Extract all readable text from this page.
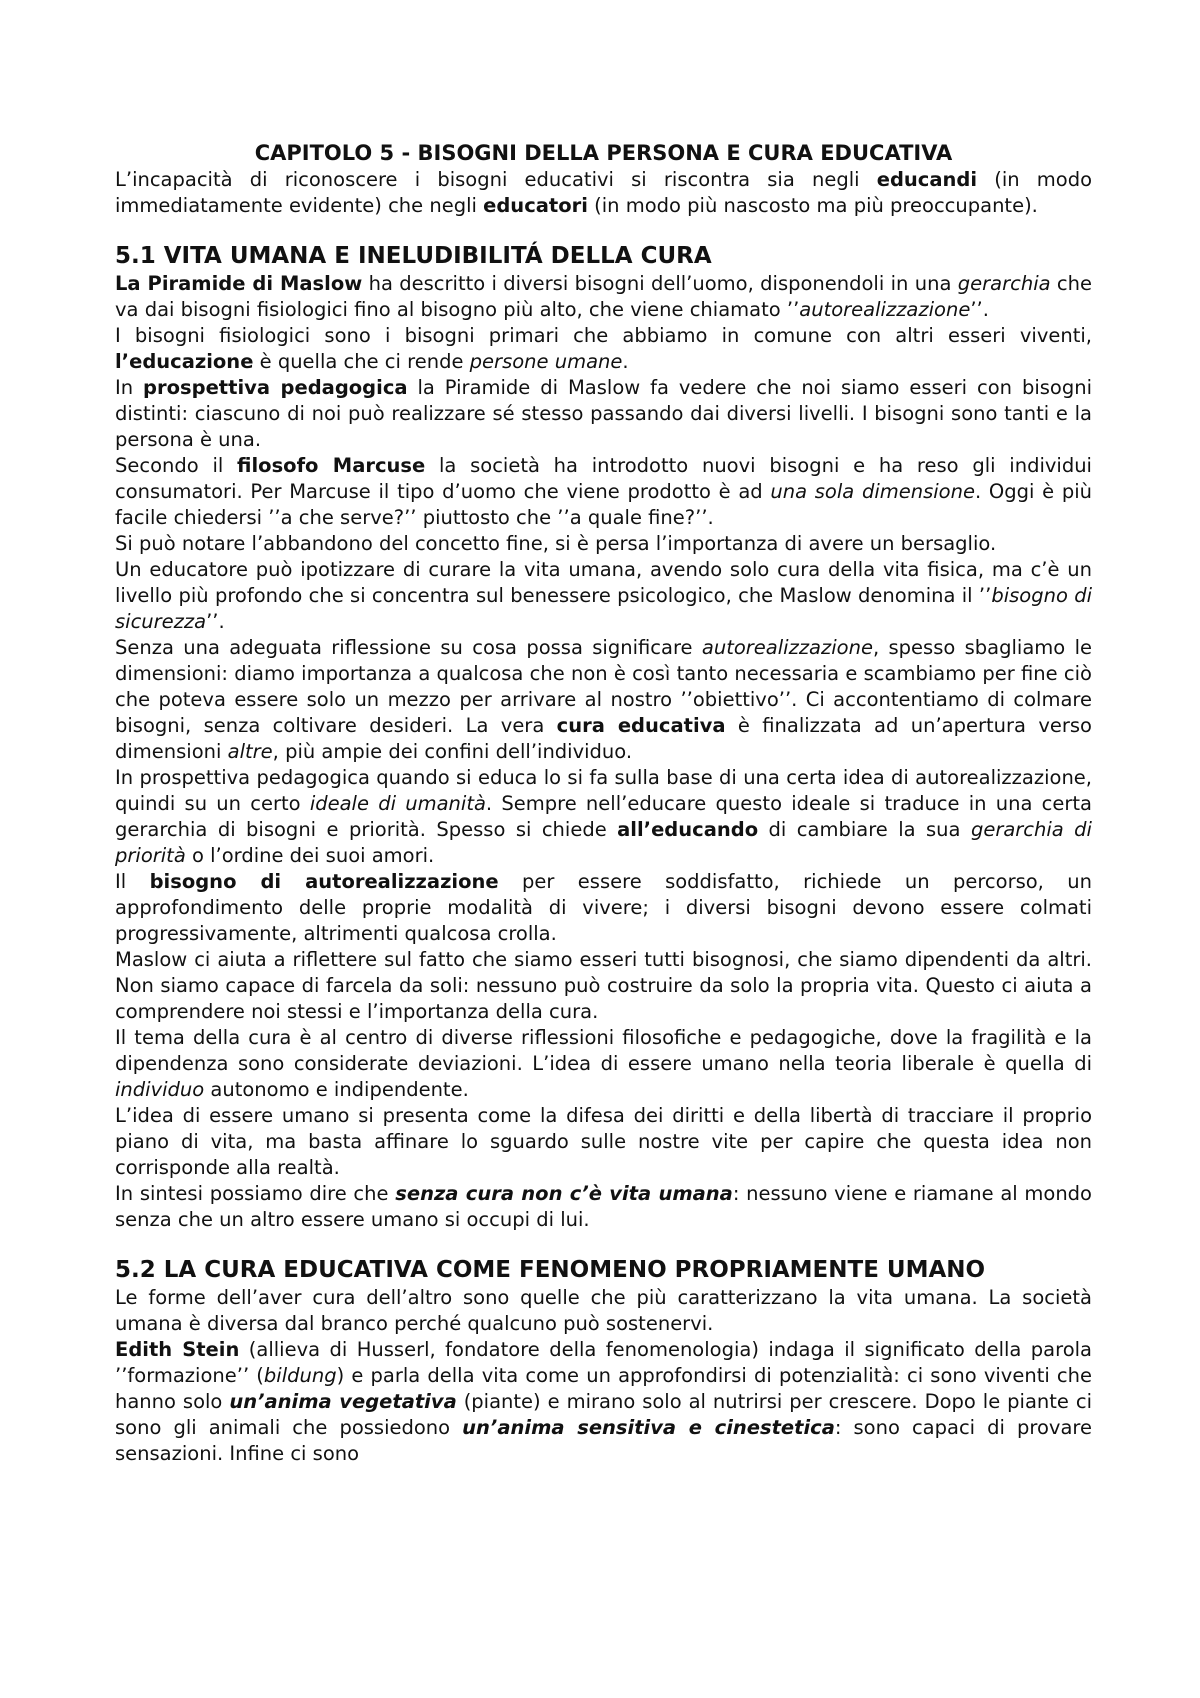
CAPITOLO 5 - BISOGNI DELLA PERSONA E CURA EDUCATIVA

L’incapacità di riconoscere i bisogni educativi si riscontra sia negli educandi (in modo immediatamente evidente) che negli educatori (in modo più nascosto ma più preoccupante).

5.1 VITA UMANA E INELUDIBILITÁ DELLA CURA

La Piramide di Maslow ha descritto i diversi bisogni dell’uomo, disponendoli in una gerarchia che va dai bisogni fisiologici fino al bisogno più alto, che viene chiamato ’’autorealizzazione’’.

I bisogni fisiologici sono i bisogni primari che abbiamo in comune con altri esseri viventi, l’educazione è quella che ci rende persone umane.

In prospettiva pedagogica la Piramide di Maslow fa vedere che noi siamo esseri con bisogni distinti: ciascuno di noi può realizzare sé stesso passando dai diversi livelli. I bisogni sono tanti e la persona è una.

Secondo il filosofo Marcuse la società ha introdotto nuovi bisogni e ha reso gli individui consumatori. Per Marcuse il tipo d’uomo che viene prodotto è ad una sola dimensione. Oggi è più facile chiedersi ’’a che serve?’’ piuttosto che ’’a quale fine?’’.

Si può notare l’abbandono del concetto fine, si è persa l’importanza di avere un bersaglio.

Un educatore può ipotizzare di curare la vita umana, avendo solo cura della vita fisica, ma c’è un livello più profondo che si concentra sul benessere psicologico, che Maslow denomina il ’’bisogno di sicurezza’’.

Senza una adeguata riflessione su cosa possa significare autorealizzazione, spesso sbagliamo le dimensioni: diamo importanza a qualcosa che non è così tanto necessaria e scambiamo per fine ciò che poteva essere solo un mezzo per arrivare al nostro ’’obiettivo’’. Ci accontentiamo di colmare bisogni, senza coltivare desideri. La vera cura educativa è finalizzata ad un’apertura verso dimensioni altre, più ampie dei confini dell’individuo.

In prospettiva pedagogica quando si educa lo si fa sulla base di una certa idea di autorealizzazione, quindi su un certo ideale di umanità. Sempre nell’educare questo ideale si traduce in una certa gerarchia di bisogni e priorità. Spesso si chiede all’educando di cambiare la sua gerarchia di priorità o l’ordine dei suoi amori.

Il bisogno di autorealizzazione per essere soddisfatto, richiede un percorso, un approfondimento delle proprie modalità di vivere; i diversi bisogni devono essere colmati progressivamente, altrimenti qualcosa crolla.

Maslow ci aiuta a riflettere sul fatto che siamo esseri tutti bisognosi, che siamo dipendenti da altri. Non siamo capace di farcela da soli: nessuno può costruire da solo la propria vita. Questo ci aiuta a comprendere noi stessi e l’importanza della cura.

Il tema della cura è al centro di diverse riflessioni filosofiche e pedagogiche, dove la fragilità e la dipendenza sono considerate deviazioni. L’idea di essere umano nella teoria liberale è quella di individuo autonomo e indipendente.

L’idea di essere umano si presenta come la difesa dei diritti e della libertà di tracciare il proprio piano di vita, ma basta affinare lo sguardo sulle nostre vite per capire che questa idea non corrisponde alla realtà.

In sintesi possiamo dire che senza cura non c’è vita umana: nessuno viene e riamane al mondo senza che un altro essere umano si occupi di lui.

5.2 LA CURA EDUCATIVA COME FENOMENO PROPRIAMENTE UMANO

Le forme dell’aver cura dell’altro sono quelle che più caratterizzano la vita umana. La società umana è diversa dal branco perché qualcuno può sostenervi.

Edith Stein (allieva di Husserl, fondatore della fenomenologia) indaga il significato della parola ’’formazione’’ (bildung) e parla della vita come un approfondirsi di potenzialità: ci sono viventi che hanno solo un’anima vegetativa (piante) e mirano solo al nutrirsi per crescere. Dopo le piante ci sono gli animali che possiedono un’anima sensitiva e cinestetica: sono capaci di provare sensazioni. Infine ci sono
